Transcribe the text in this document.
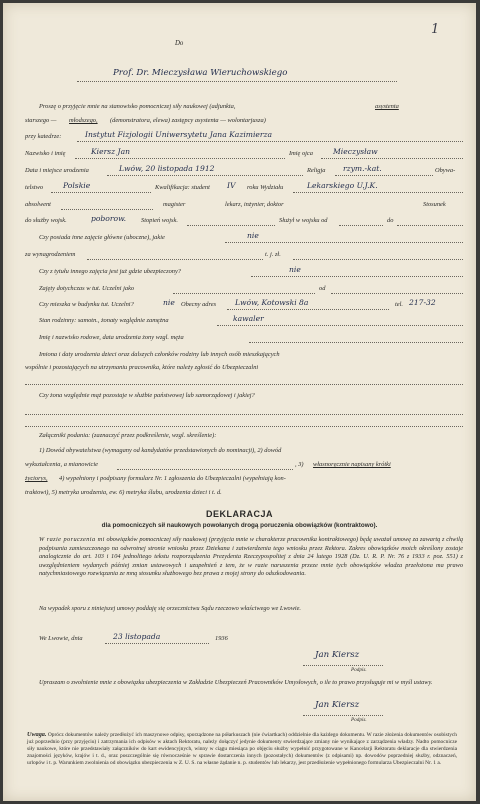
1
Do
Prof. Dr. Mieczysława Wieruchowskiego
Proszę o przyjęcie mnie na stanowisko pomocniczej siły naukowej (adjunkta,	asystenta
starszego — młodszego, (demonstratora, elewa) zastępcy asystenta — wolontarjusza)
przy katedrze:	Instytut Fizjologii Uniwersytetu Jana Kazimierza
Nazwisko i imię	Kiersz Jan	Imię ojca	Mieczysław
Data i miejsce urodzenia	Lwów, 20 listopada 1912	Religja rzym.-kat.	Obywa-
telstwo	Polskie	Kwalifikacja: student IV roku Wydziału	Lekarskiego U.J.K.
absolwent	magister	lekarz, inżynier, doktor	Stosunek
do służby wojsk.	poborow. Stopień wojsk.	Służył w wojsku od	do
Czy posiada inne zajęcie główne (uboczne), jakie	nie
za wynagrodzeniem	t. j. zł.
Czy z tytułu innego zajęcia jest już gdzie ubezpieczony?	nie
Zajęty dotychczas w tut. Uczelni jako	od
Czy mieszka w budynku tut. Uczelni?	nie Obecny adres Lwów, Kotowski 8a	tel. 217-32
Stan rodzinny: samotn., żonaty względnie zamężna	kawaler
Imię i nazwisko rodowe, data urodzenia żony wzgl. męża
Imiona i daty urodzenia dzieci oraz dalszych członków rodziny lub innych osób mieszkających
wspólnie i pozostających na utrzymaniu pracownika, które należy zgłosić do Ubezpieczalni
Czy żona względnie mąż pozostaje w służbie państwowej lub samorządowej i jakiej?
Załączniki podania: (zaznaczyć przez podkreślenie, wzgl. skreślenie):
1) Dowód obywatelstwa (wymagany od kandydatów przedstawionych do nominacji), 2) dowód
wykształcenia, a mianowicie	, 3) własnoręcznie napisany krótki
życiorys, 4) wypełniony i podpisany formularz Nr. 1 zgłoszenia do Ubezpieczalni (wypełniają kon-
traktowi), 5) metryka urodzenia, ew. 6) metryka ślubu, urodzenia dzieci i t. d.
DEKLARACJA
dla pomocniczych sił naukowych powołanych drogą poruczenia obowiązków (kontraktowo).
W razie poruczenia mi obowiązków pomocniczej siły naukowej (przyjęcia mnie w charakterze pracownika kontraktowego) będę uważał umowę za zawartą z chwilą podpisania zamieszczonego na odwrotnej stronie wniosku przez Dziekana i zatwierdzenia tego wniosku przez Rektora. Zakres obowiązków moich określony zostaje analogicznie do art. 103 i 104 jednolitego tekstu rozporządzenia Prezydenta Rzeczypospolitej z dnia 24 lutego 1928 (Dz. U. R. P. Nr. 76 z 1933 r. poz. 551) z uwzględnieniem wydanych później zmian ustawowych i uzupełnień z tem, że w razie naruszenia przeze mnie tych obowiązków władza przełożona ma prawo natychmiastowego rozwiązania ze mną stosunku służbowego bez prawa z mojej strony do odszkodowania.
Na wypadek sporu z niniejszej umowy poddaję się orzecznictwu Sądu rzeczowo właściwego we Lwowie.
We Lwowie, dnia	23 listopada	1936
Jan Kiersz
Podpis.
Upraszam o zwolnienie mnie z obowiązku ubezpieczenia w Zakładzie Ubezpieczeń Pracowników Umysłowych, o ile to prawo przysługuje mi w myśl ustawy.
Jan Kiersz
Podpis.
Uwaga. Oprócz dokumentów należy przedłożyć ich maszynowe odpisy, sporządzone na półarkuszach (nie ćwiartkach) oddzielnie dla każdego dokumentu. W razie złożenia dokumentów osobistych już poprzednio (przy przyjęciu) i zatrzymania ich odpisów w aktach Rektoratu, należy dołączyć jedynie dokumenty stwierdzające zmiany nie wynikające z zarządzenia władzy. Nadto pomocnicze siły naukowe, które nie przedstawiały załączników do kart ewidencyjnych, winny w ciągu miesiąca po objęciu służby wypełnić przygotowane w Kancelarji Rektoratu deklaracje dla stwierdzenia znajomości języków, krajów i t. d., oraz poszczególnie się równocześnie w sprawie dostarczenia innych (pozostałych) dokumentów (z odpisami) np. dowodów poprzedniej służby, odznaczeń, urlopów i t. p. Warunkiem zwolnienia od obowiązku ubezpieczenia w Z. U. S. na własne żądanie n. p. studentów lub lekarzy, jest przedłożenie wypełnionego formularza Ubezpieczalni Nr. 1 a.
